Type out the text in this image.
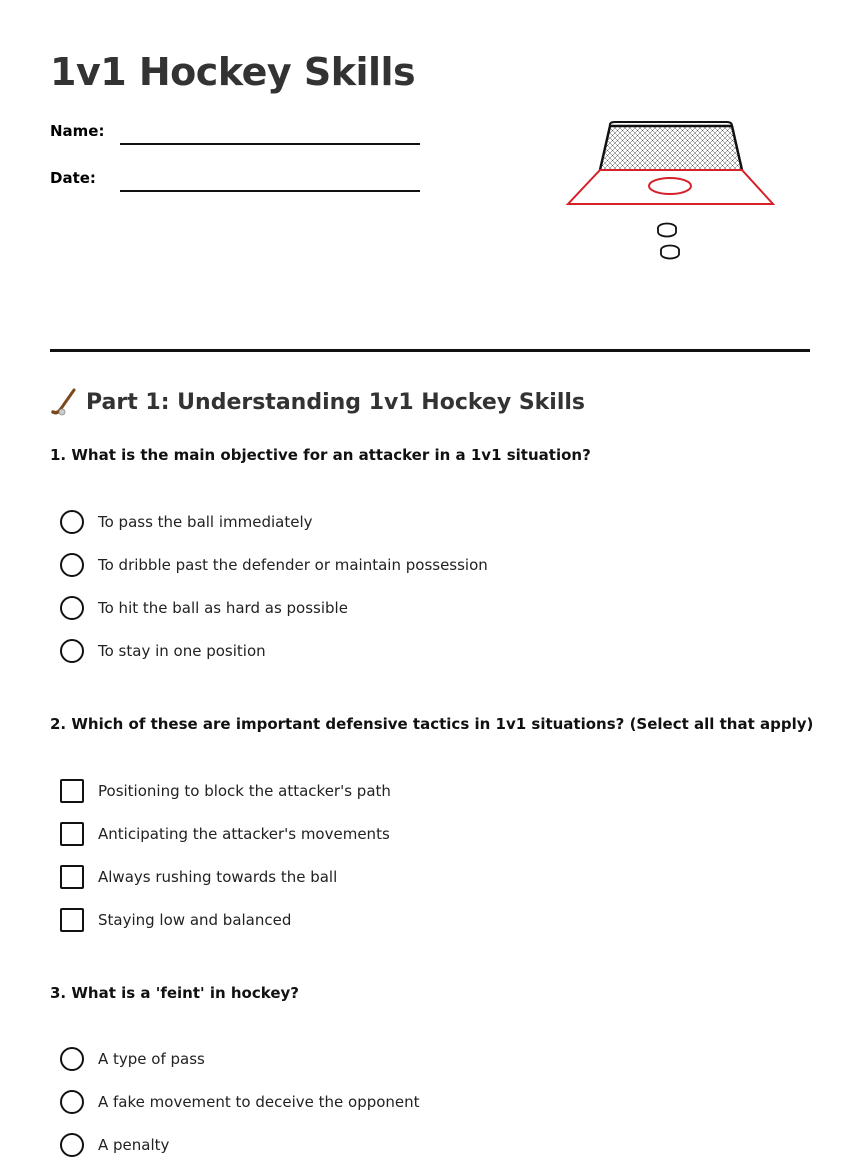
1v1 Hockey Skills
Name:
Date:
Part 1: Understanding 1v1 Hockey Skills

1. What is the main objective for an attacker in a 1v1 situation?

To pass the ball immediately
To dribble past the defender or maintain possession
To hit the ball as hard as possible
To stay in one position

2. Which of these are important defensive tactics in 1v1 situations? (Select all that apply)

Positioning to block the attacker's path
Anticipating the attacker's movements
Always rushing towards the ball
Staying low and balanced

3. What is a 'feint' in hockey?

A type of pass
A fake movement to deceive the opponent
A penalty
